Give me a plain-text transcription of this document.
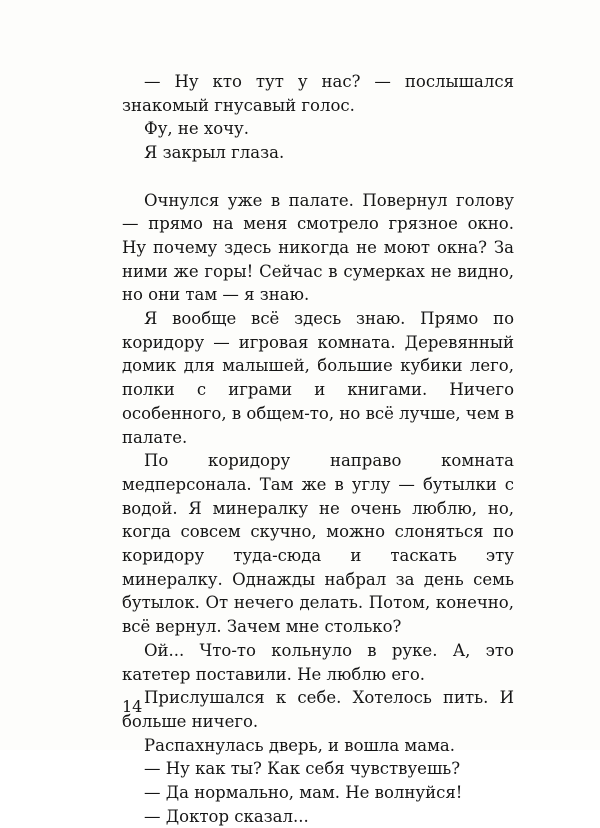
— Ну кто тут у нас? — послышался знакомый гнусавый голос.

Фу, не хочу.

Я закрыл глаза.

Очнулся уже в палате. Повернул голову — прямо на меня смотрело грязное окно. Ну почему здесь никогда не моют окна? За ними же горы! Сейчас в сумерках не видно, но они там — я знаю.

Я вообще всё здесь знаю. Прямо по коридору — игровая комната. Деревянный домик для малышей, большие кубики лего, полки с играми и книгами. Ничего особенного, в общем-то, но всё лучше, чем в палате.

По коридору направо комната медперсонала. Там же в углу — бутылки с водой. Я минералку не очень люблю, но, когда совсем скучно, можно слоняться по коридору туда-сюда и таскать эту минералку. Однажды набрал за день семь бутылок. От нечего делать. Потом, конечно, всё вернул. Зачем мне столько?

Ой... Что-то кольнуло в руке. А, это катетер поставили. Не люблю его.

Прислушался к себе. Хотелось пить. И больше ничего.

Распахнулась дверь, и вошла мама.

— Ну как ты? Как себя чувствуешь?

— Да нормально, мам. Не волнуйся!

— Доктор сказал...

14
